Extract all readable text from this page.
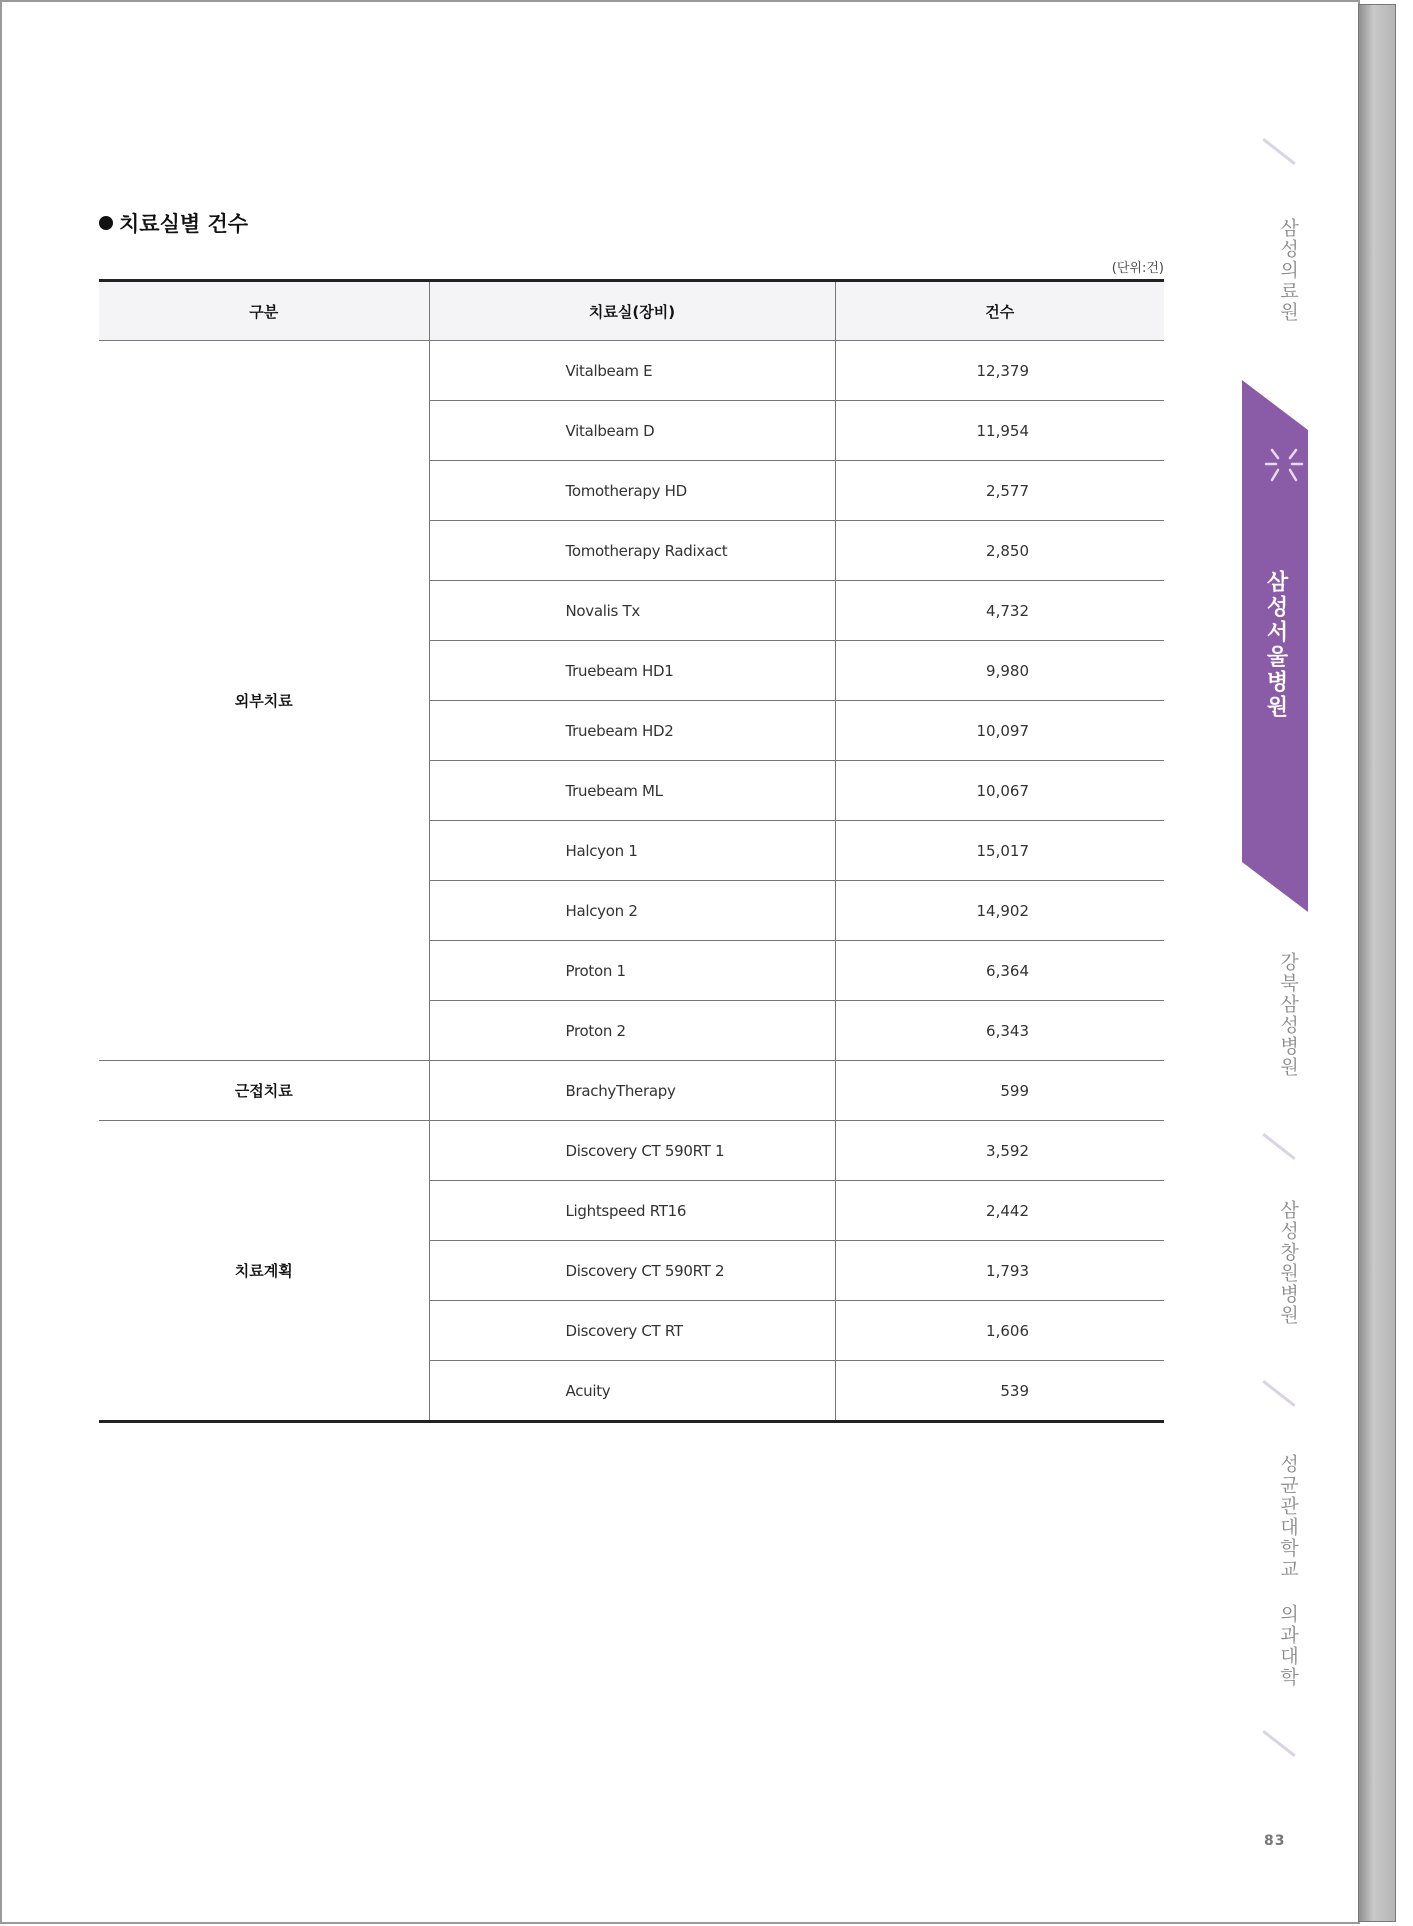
치료실별 건수
(단위:건)
구분	치료실(장비)	건수
외부치료	Vitalbeam E	12,379
	Vitalbeam D	11,954
	Tomotherapy HD	2,577
	Tomotherapy Radixact	2,850
	Novalis Tx	4,732
	Truebeam HD1	9,980
	Truebeam HD2	10,097
	Truebeam ML	10,067
	Halcyon 1	15,017
	Halcyon 2	14,902
	Proton 1	6,364
	Proton 2	6,343
근접치료	BrachyTherapy	599
치료계획	Discovery CT 590RT 1	3,592
	Lightspeed RT16	2,442
	Discovery CT 590RT 2	1,793
	Discovery CT RT	1,606
	Acuity	539
삼성의료원
강북삼성병원
삼성창원병원
성균관대학교 의과대학
삼성서울병원
83
